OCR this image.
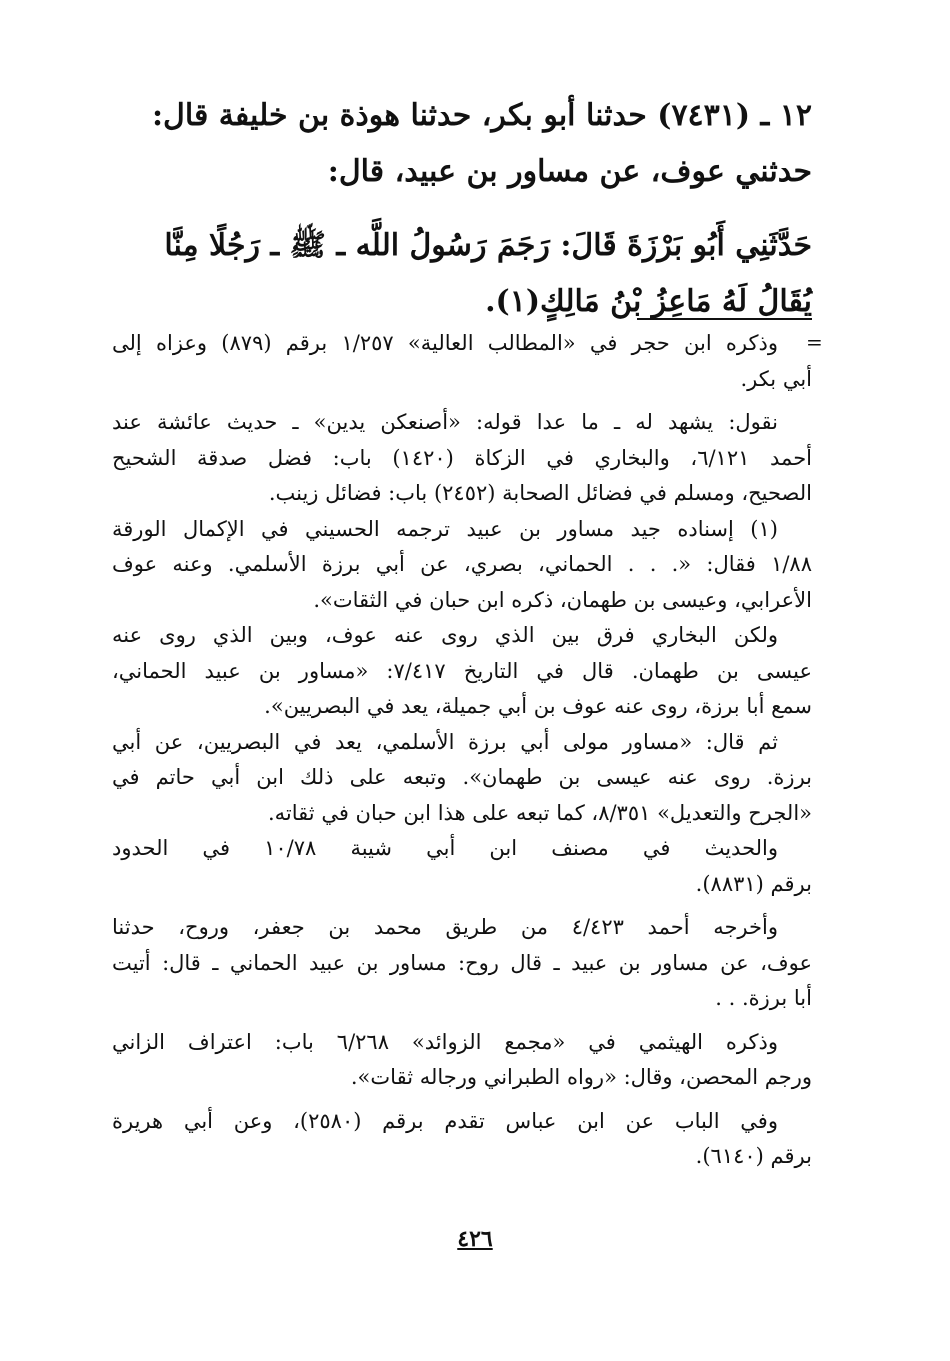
١٢ ـ (٧٤٣١) حدثنا أبو بكر، حدثنا هوذة بن خليفة قال:

حدثني عوف، عن مساور بن عبيد، قال:

حَدَّثَنِي أَبُو بَرْزَةَ قَالَ: رَجَمَ رَسُولُ اللَّه ـ ﷺ ـ رَجُلًا مِنَّا

يُقَالُ لَهُ مَاعِزُ بْنُ مَالِكٍ(١).

=

وذكره ابن حجر في «المطالب العالية» ١/٢٥٧ برقم (٨٧٩) وعزاه إلى

أبي بكر.

نقول: يشهد له ـ ما عدا قوله: «أصنعكن يدين» ـ حديث عائشة عند

أحمد ٦/١٢١، والبخاري في الزكاة (١٤٢٠) باب: فضل صدقة الشحيح

الصحيح، ومسلم في فضائل الصحابة (٢٤٥٢) باب: فضائل زينب.

(١) إسناده جيد مساور بن عبيد ترجمه الحسيني في الإكمال الورقة

١/٨٨ فقال: «. . . الحماني، بصري، عن أبي برزة الأسلمي. وعنه عوف

الأعرابي، وعيسى بن طهمان، ذكره ابن حبان في الثقات».

ولكن البخاري فرق بين الذي روى عنه عوف، وبين الذي روى عنه

عيسى بن طهمان. قال في التاريخ ٧/٤١٧: «مساور بن عبيد الحماني،

سمع أبا برزة، روى عنه عوف بن أبي جميلة، يعد في البصريين».

ثم قال: «مساور مولى أبي برزة الأسلمي، يعد في البصريين، عن أبي

برزة. روى عنه عيسى بن طهمان». وتبعه على ذلك ابن أبي حاتم في

«الجرح والتعديل» ٨/٣٥١، كما تبعه على هذا ابن حبان في ثقاته.

والحديث في مصنف ابن أبي شيبة ١٠/٧٨ في الحدود

برقم (٨٨٣١).

وأخرجه أحمد ٤/٤٢٣ من طريق محمد بن جعفر، وروح، حدثنا

عوف، عن مساور بن عبيد ـ قال روح: مساور بن عبيد الحماني ـ قال: أتيت

أبا برزة. . .

وذكره الهيثمي في «مجمع الزوائد» ٦/٢٦٨ باب: اعتراف الزاني

ورجم المحصن، وقال: «رواه الطبراني ورجاله ثقات».

وفي الباب عن ابن عباس تقدم برقم (٢٥٨٠)، وعن أبي هريرة

برقم (٦١٤٠).

٤٢٦
